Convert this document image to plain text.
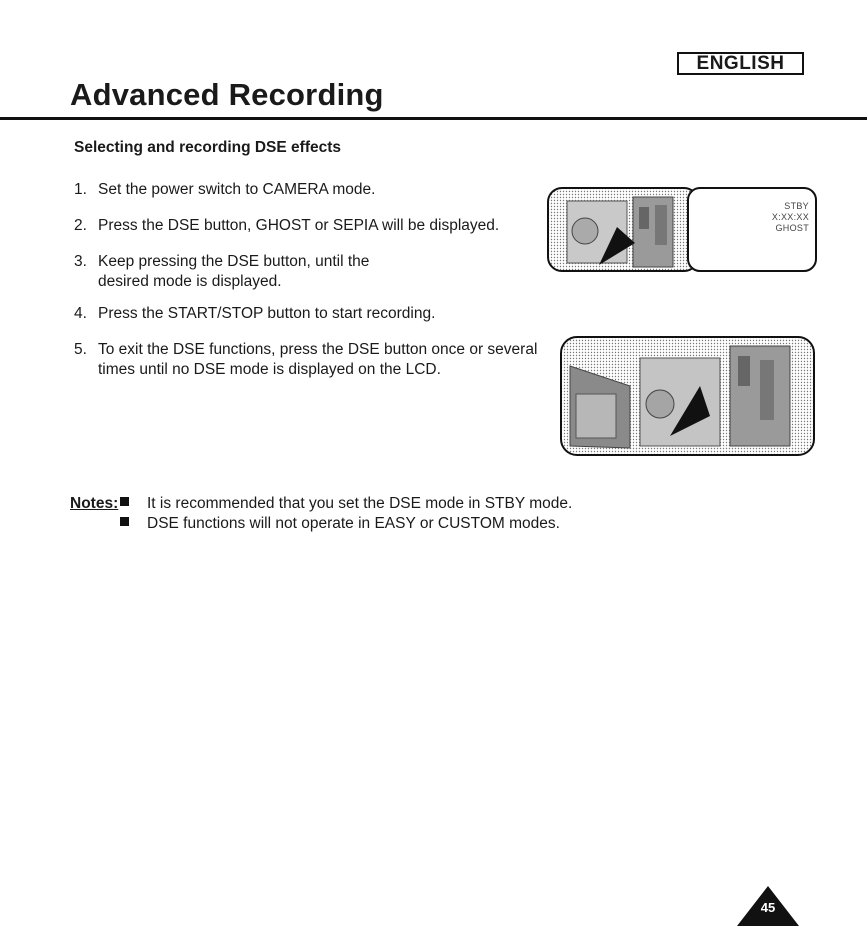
ENGLISH
Advanced Recording
Selecting and recording DSE effects
1. Set the power switch to CAMERA mode.
2. Press the DSE button, GHOST or SEPIA will be displayed.
3. Keep pressing the DSE button, until the desired mode is displayed.
4. Press the START/STOP button to start recording.
5. To exit the DSE functions, press the DSE button once or several times until no DSE mode is displayed on the LCD.
STBY
X:XX:XX
GHOST
Notes:	It is recommended that you set the DSE mode in STBY mode.
DSE functions will not operate in EASY or CUSTOM modes.
45
